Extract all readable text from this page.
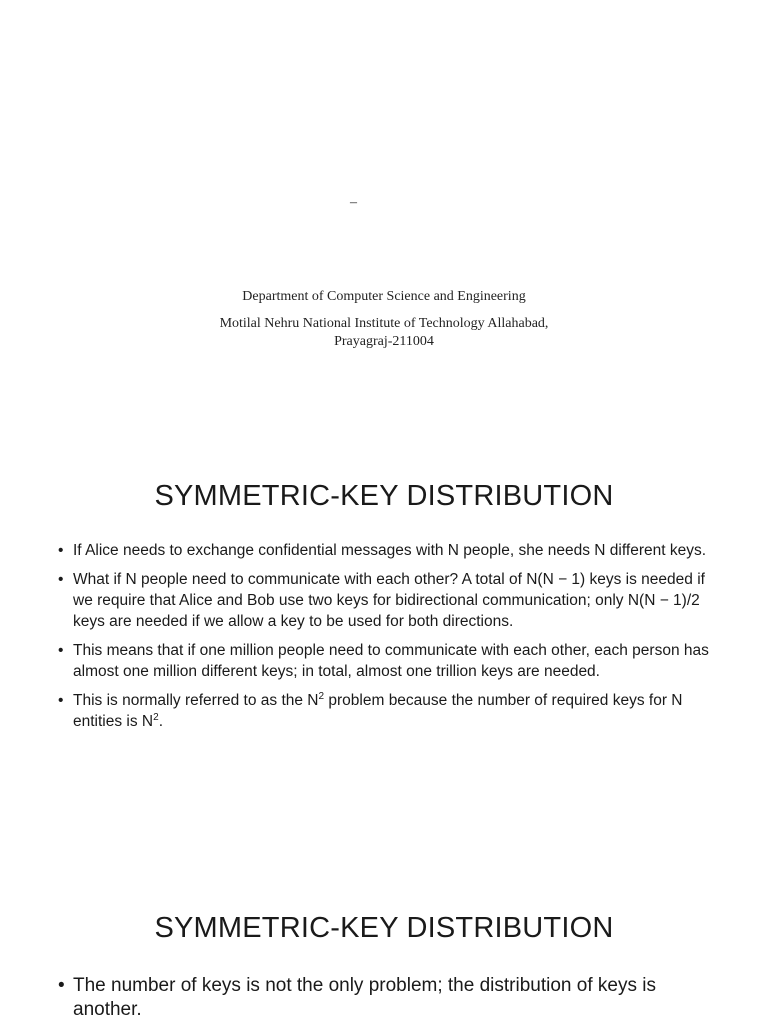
–
Department of Computer Science and Engineering
Motilal Nehru National Institute of Technology Allahabad,
Prayagraj-211004
SYMMETRIC-KEY DISTRIBUTION
• If Alice needs to exchange confidential messages with N people, she needs N different keys.
• What if N people need to communicate with each other? A total of N(N − 1) keys is needed if we require that Alice and Bob use two keys for bidirectional communication; only N(N − 1)/2 keys are needed if we allow a key to be used for both directions.
• This means that if one million people need to communicate with each other, each person has almost one million different keys; in total, almost one trillion keys are needed.
• This is normally referred to as the $N^2$ problem because the number of required keys for N entities is $N^2$.
SYMMETRIC-KEY DISTRIBUTION
• The number of keys is not the only problem; the distribution of keys is another.
